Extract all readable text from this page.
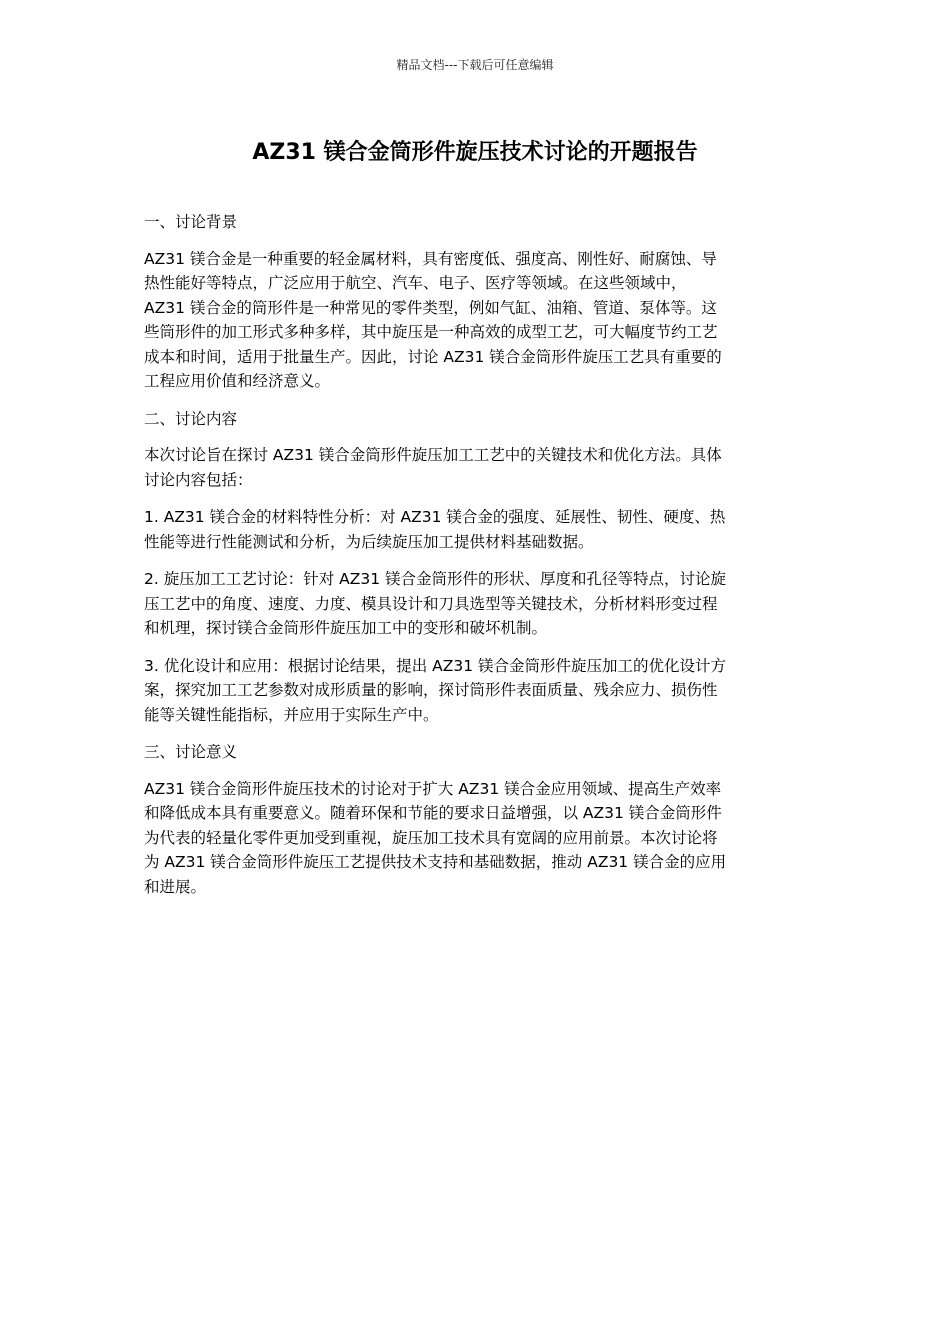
精品文档---下载后可任意编辑
AZ31 镁合金筒形件旋压技术讨论的开题报告

一、讨论背景

AZ31 镁合金是一种重要的轻金属材料，具有密度低、强度高、刚性好、耐腐蚀、导
热性能好等特点，广泛应用于航空、汽车、电子、医疗等领域。在这些领域中，
AZ31 镁合金的筒形件是一种常见的零件类型，例如气缸、油箱、管道、泵体等。这
些筒形件的加工形式多种多样，其中旋压是一种高效的成型工艺，可大幅度节约工艺
成本和时间，适用于批量生产。因此，讨论 AZ31 镁合金筒形件旋压工艺具有重要的
工程应用价值和经济意义。

二、讨论内容

本次讨论旨在探讨 AZ31 镁合金筒形件旋压加工工艺中的关键技术和优化方法。具体
讨论内容包括：

1. AZ31 镁合金的材料特性分析：对 AZ31 镁合金的强度、延展性、韧性、硬度、热
性能等进行性能测试和分析，为后续旋压加工提供材料基础数据。

2. 旋压加工工艺讨论：针对 AZ31 镁合金筒形件的形状、厚度和孔径等特点，讨论旋
压工艺中的角度、速度、力度、模具设计和刀具选型等关键技术，分析材料形变过程
和机理，探讨镁合金筒形件旋压加工中的变形和破坏机制。

3. 优化设计和应用：根据讨论结果，提出 AZ31 镁合金筒形件旋压加工的优化设计方
案，探究加工工艺参数对成形质量的影响，探讨筒形件表面质量、残余应力、损伤性
能等关键性能指标，并应用于实际生产中。

三、讨论意义

AZ31 镁合金筒形件旋压技术的讨论对于扩大 AZ31 镁合金应用领域、提高生产效率
和降低成本具有重要意义。随着环保和节能的要求日益增强，以 AZ31 镁合金筒形件
为代表的轻量化零件更加受到重视，旋压加工技术具有宽阔的应用前景。本次讨论将
为 AZ31 镁合金筒形件旋压工艺提供技术支持和基础数据，推动 AZ31 镁合金的应用
和进展。
